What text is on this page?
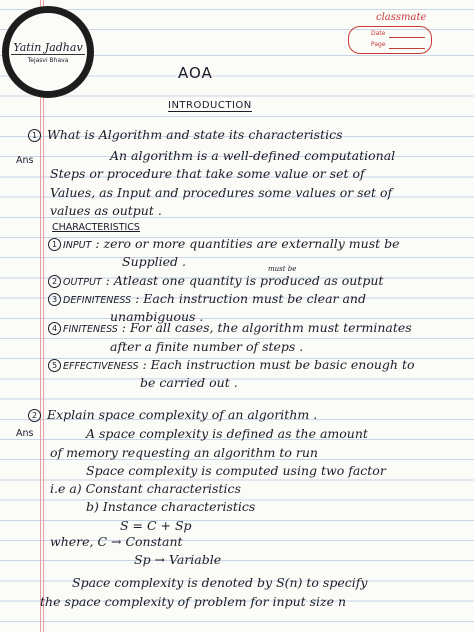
Yatin Jadhav
Tejasvi Bhava
classmate
Date
Page
AOA
INTRODUCTION
1 What is Algorithm and state its characteristics
Ans	An algorithm is a well-defined computational
Steps or procedure that take some value or set of
Values, as Input and procedures some values or set of
values as output .
CHARACTERISTICS
1 INPUT : zero or more quantities are externally must be
Supplied .	must be
2 OUTPUT : Atleast one quantity is produced as output
3 DEFINITENESS : Each instruction must be clear and
unambiguous .
4 FINITENESS : For all cases, the algorithm must terminates
after a finite number of steps .
5 EFFECTIVENESS : Each instruction must be basic enough to
be carried out .
2 Explain space complexity of an algorithm .
Ans	A space complexity is defined as the amount
of memory requesting an algorithm to run
Space complexity is computed using two factor
i.e a) Constant characteristics
b) Instance characteristics
S = C + Sp
where, C → Constant
Sp → Variable
Space complexity is denoted by S(n) to specify
the space complexity of problem for input size n
